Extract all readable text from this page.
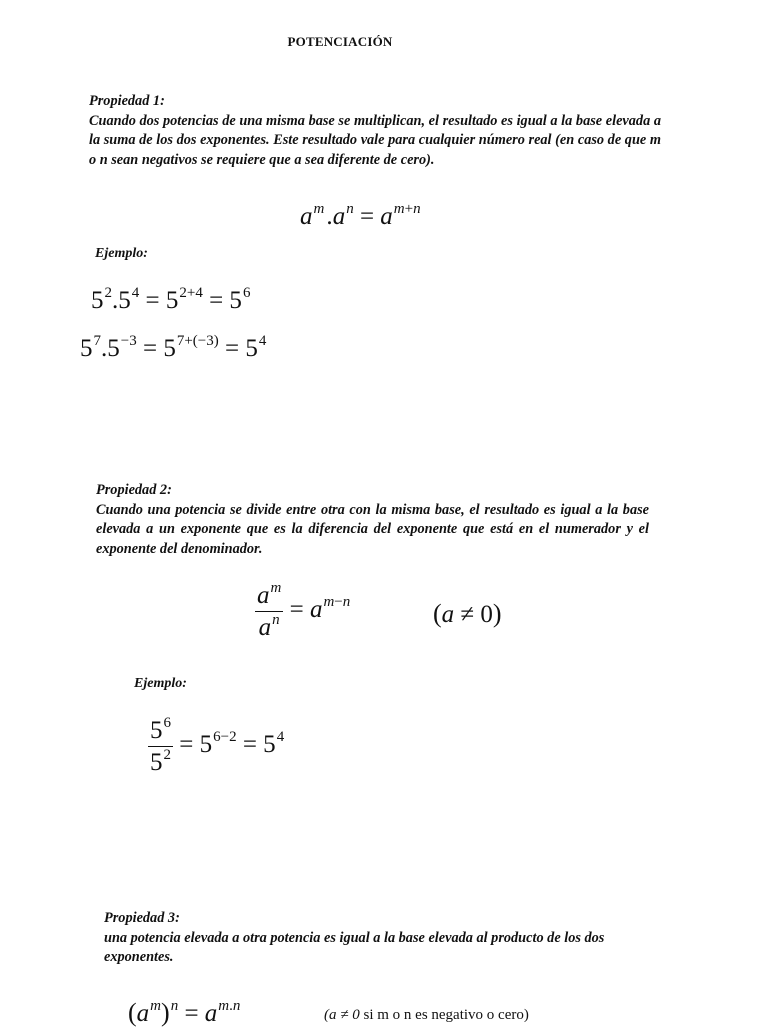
POTENCIACIÓN
Propiedad 1:
Cuando dos potencias de una misma base se multiplican, el resultado es igual a la base elevada a la suma de los dos exponentes. Este resultado vale para cualquier número real (en caso de que m o n sean negativos se requiere que a sea diferente de cero).
$a^m$ $.a^n = a^{m+n}$
Ejemplo:
$5^2.5^4 = 5^{2+4} = 5^6$
$5^7.5^{-3} = 5^{7+(-3)} = 5^4$
Propiedad 2:
Cuando una potencia se divide entre otra con la misma base, el resultado es igual a la base elevada a un exponente que es la diferencia del exponente que está en el numerador y el exponente del denominador.
$\frac{a^m}{a^n} = a^{m-n}$	(a ≠ 0)
Ejemplo:
$\frac{5^6}{5^2} = 5^{6-2} = 5^4$
Propiedad 3:
una potencia elevada a otra potencia es igual a la base elevada al producto de los dos exponentes.
$(a^m)^n = a^{m.n}$
(a ≠ 0 si m o n es negativo o cero)
